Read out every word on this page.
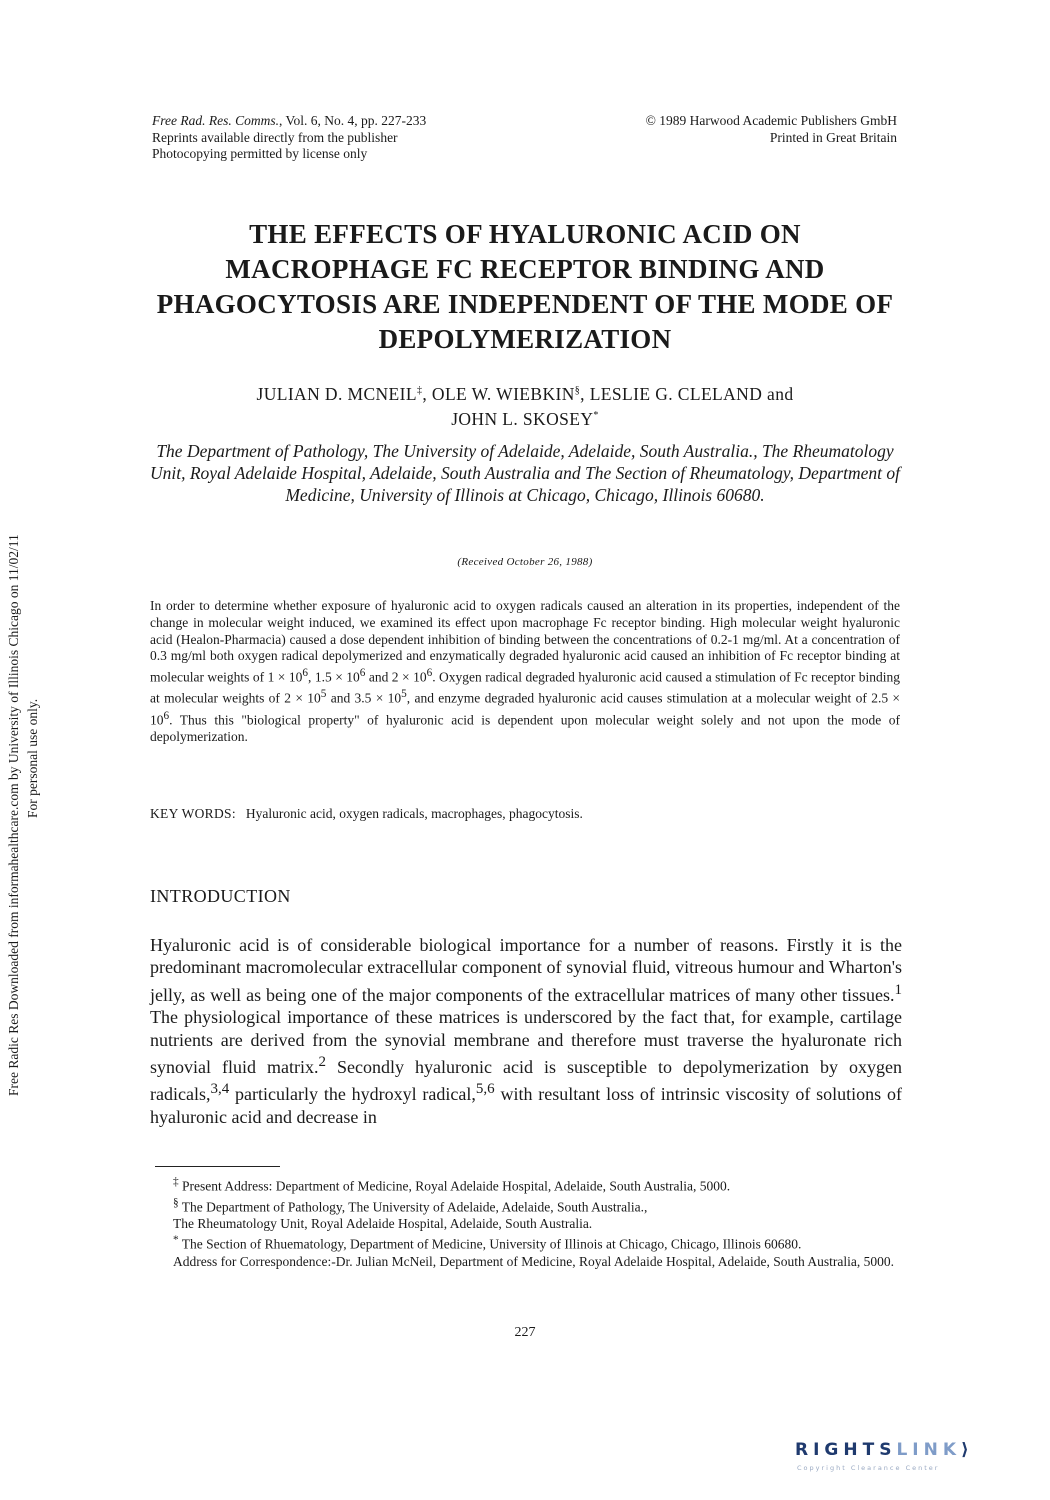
Free Rad. Res. Comms., Vol. 6, No. 4, pp. 227-233
Reprints available directly from the publisher
Photocopying permitted by license only
© 1989 Harwood Academic Publishers GmbH
Printed in Great Britain
THE EFFECTS OF HYALURONIC ACID ON MACROPHAGE FC RECEPTOR BINDING AND PHAGOCYTOSIS ARE INDEPENDENT OF THE MODE OF DEPOLYMERIZATION
JULIAN D. MCNEIL‡, OLE W. WIEBKIN§, LESLIE G. CLELAND and
JOHN L. SKOSEY*
The Department of Pathology, The University of Adelaide, Adelaide, South Australia., The Rheumatology Unit, Royal Adelaide Hospital, Adelaide, South Australia and The Section of Rheumatology, Department of Medicine, University of Illinois at Chicago, Chicago, Illinois 60680.
(Received October 26, 1988)
In order to determine whether exposure of hyaluronic acid to oxygen radicals caused an alteration in its properties, independent of the change in molecular weight induced, we examined its effect upon macrophage Fc receptor binding. High molecular weight hyaluronic acid (Healon-Pharmacia) caused a dose dependent inhibition of binding between the concentrations of 0.2-1 mg/ml. At a concentration of 0.3 mg/ml both oxygen radical depolymerized and enzymatically degraded hyaluronic acid caused an inhibition of Fc receptor binding at molecular weights of $1 \times 10^6$, $1.5 \times 10^6$ and $2 \times 10^6$. Oxygen radical degraded hyaluronic acid caused a stimulation of Fc receptor binding at molecular weights of $2 \times 10^5$ and $3.5 \times 10^5$, and enzyme degraded hyaluronic acid causes stimulation at a molecular weight of $2.5 \times 10^6$. Thus this "biological property" of hyaluronic acid is dependent upon molecular weight solely and not upon the mode of depolymerization.
KEY WORDS: Hyaluronic acid, oxygen radicals, macrophages, phagocytosis.
INTRODUCTION
Hyaluronic acid is of considerable biological importance for a number of reasons. Firstly it is the predominant macromolecular extracellular component of synovial fluid, vitreous humour and Wharton's jelly, as well as being one of the major components of the extracellular matrices of many other tissues.$^1$ The physiological importance of these matrices is underscored by the fact that, for example, cartilage nutrients are derived from the synovial membrane and therefore must traverse the hyaluronate rich synovial fluid matrix.$^2$ Secondly hyaluronic acid is susceptible to depolymerization by oxygen radicals,$^{3,4}$ particularly the hydroxyl radical,$^{5,6}$ with resultant loss of intrinsic viscosity of solutions of hyaluronic acid and decrease in

‡ Present Address: Department of Medicine, Royal Adelaide Hospital, Adelaide, South Australia, 5000.

§ The Department of Pathology, The University of Adelaide, Adelaide, South Australia.,

The Rheumatology Unit, Royal Adelaide Hospital, Adelaide, South Australia.

* The Section of Rhuematology, Department of Medicine, University of Illinois at Chicago, Chicago, Illinois 60680.

Address for Correspondence:-Dr. Julian McNeil, Department of Medicine, Royal Adelaide Hospital, Adelaide, South Australia, 5000.

227
Free Radic Res Downloaded from informahealthcare.com by University of Illinois Chicago on 11/02/11 For personal use only.
RIGHTSLINK⟩
Copyright Clearance Center
